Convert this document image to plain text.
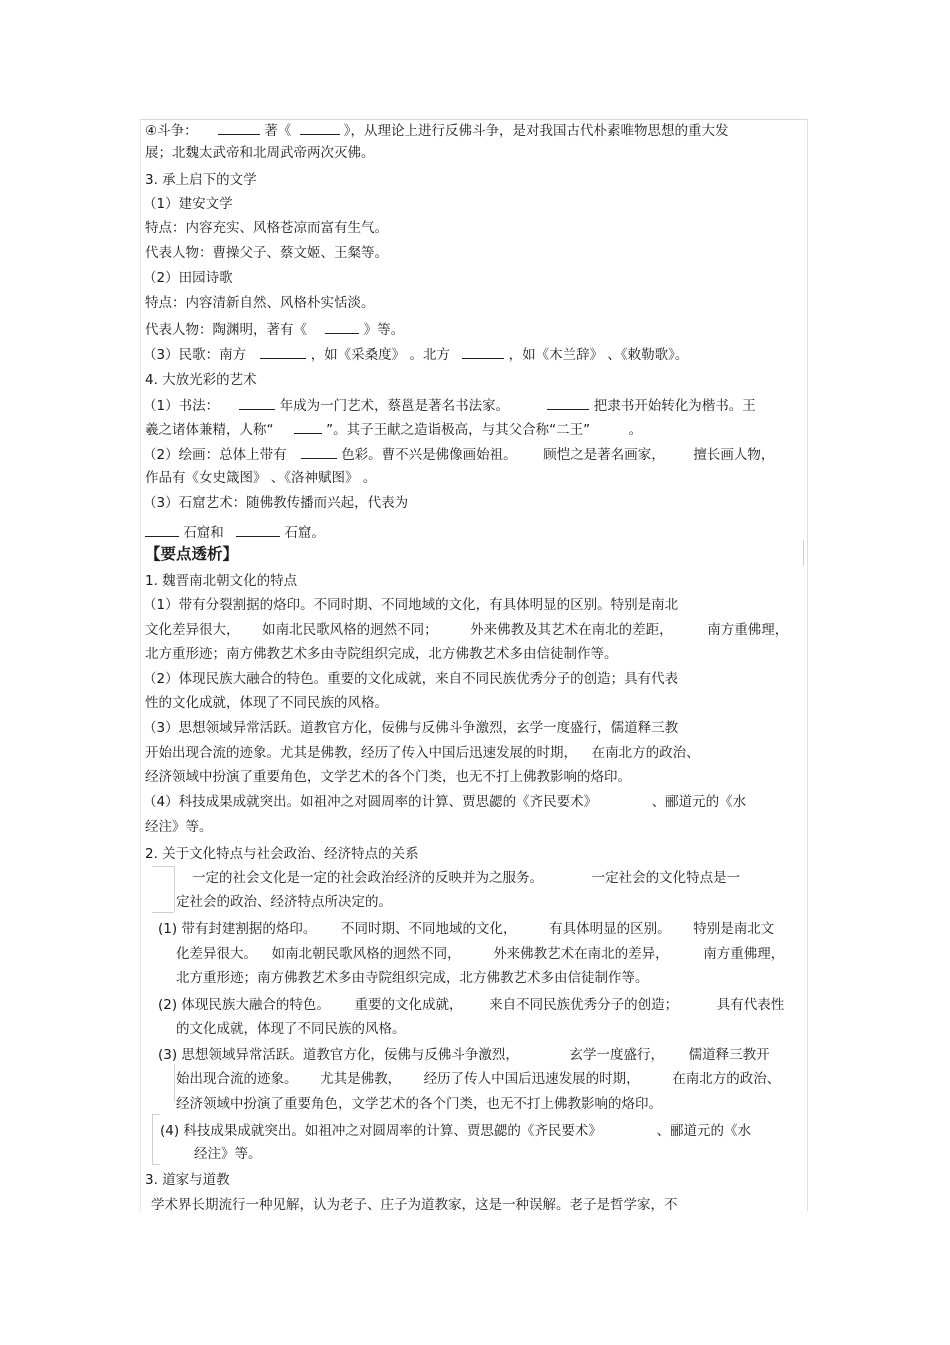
④斗争：	著《	》，从理论上进行反佛斗争，是对我国古代朴素唯物思想的重大发
展；北魏太武帝和北周武帝两次灭佛。
3. 承上启下的文学
（1）建安文学
特点：内容充实、风格苍凉而富有生气。
代表人物：曹操父子、蔡文姬、王粲等。
（2）田园诗歌
特点：内容清新自然、风格朴实恬淡。
代表人物：陶渊明，著有《	》等。
（3）民歌：南方	，如《采桑度》 。北方	，如《木兰辞》 、《敕勒歌》。
4. 大放光彩的艺术
（1）书法：	年成为一门艺术，蔡邕是著名书法家。	把隶书开始转化为楷书。王
羲之诸体兼精，人称“	”。其子王献之造诣极高，与其父合称“二王”	。
（2）绘画：总体上带有	色彩。曹不兴是佛像画始祖。 顾恺之是著名画家， 擅长画人物，
作品有《女史箴图》 、《洛神赋图》 。
（3）石窟艺术：随佛教传播而兴起，代表为
石窟和	石窟。
【要点透析】
1. 魏晋南北朝文化的特点
（1）带有分裂割据的烙印。不同时期、不同地域的文化，有具体明显的区别。特别是南北
文化差异很大， 如南北民歌风格的迥然不同； 外来佛教及其艺术在南北的差距，	南方重佛理，
北方重形迹；南方佛教艺术多由寺院组织完成，北方佛教艺术多由信徒制作等。
（2）体现民族大融合的特色。重要的文化成就，来自不同民族优秀分子的创造；具有代表
性的文化成就，体现了不同民族的风格。
（3）思想领域异常活跃。道教官方化，佞佛与反佛斗争激烈，玄学一度盛行，儒道释三教
开始出现合流的迹象。尤其是佛教，经历了传入中国后迅速发展的时期， 在南北方的政治、
经济领域中扮演了重要角色，文学艺术的各个门类，也无不打上佛教影响的烙印。
（4）科技成果成就突出。如祖冲之对圆周率的计算、贾思勰的《齐民要术》	、郦道元的《水
经注》等。
2. 关于文化特点与社会政治、经济特点的关系
一定的社会文化是一定的社会政治经济的反映并为之服务。	一定社会的文化特点是一
定社会的政治、经济特点所决定的。
(1) 带有封建割据的烙印。 不同时期、不同地域的文化， 有具体明显的区别。 特别是南北文
化差异很大。 如南北朝民歌风格的迥然不同， 外来佛教艺术在南北的差异，	南方重佛理，
北方重形迹；南方佛教艺术多由寺院组织完成，北方佛教艺术多由信徒制作等。
(2) 体现民族大融合的特色。 重要的文化成就， 来自不同民族优秀分子的创造；	具有代表性
的文化成就，体现了不同民族的风格。
(3) 思想领域异常活跃。道教官方化，佞佛与反佛斗争激烈，	玄学一度盛行， 儒道释三教开
始出现合流的迹象。 尤其是佛教， 经历了传人中国后迅速发展的时期， 在南北方的政治、
经济领域中扮演了重要角色，文学艺术的各个门类，也无不打上佛教影响的烙印。
(4) 科技成果成就突出。如祖冲之对圆周率的计算、贾思勰的《齐民要术》	、郦道元的《水
经注》等。
3. 道家与道教
学术界长期流行一种见解，认为老子、庄子为道教家，这是一种误解。老子是哲学家，不
